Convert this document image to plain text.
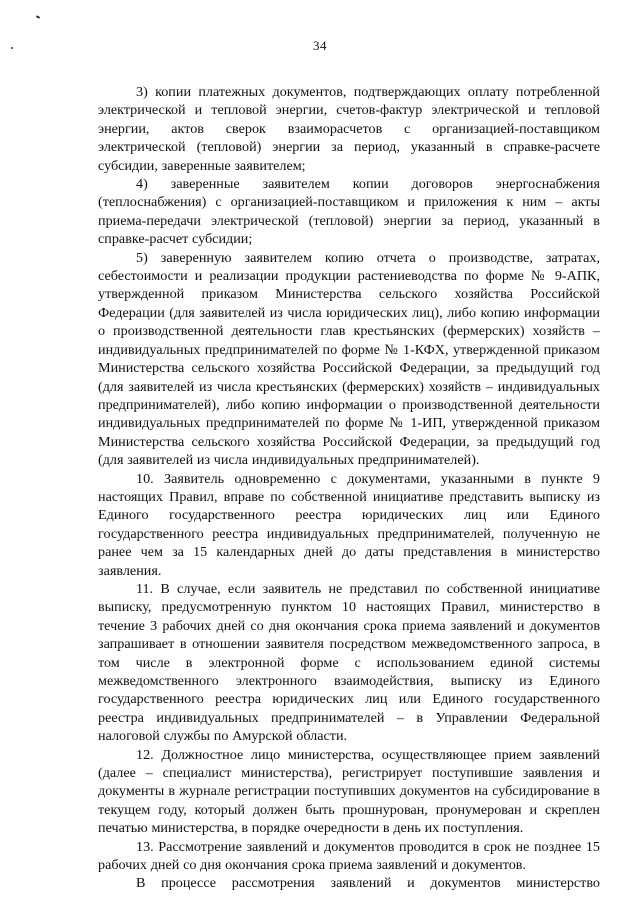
34

3) копии платежных документов, подтверждающих оплату потребленной электрической и тепловой энергии, счетов-фактур электрической и тепловой энергии, актов сверок взаиморасчетов с организацией-поставщиком электрической (тепловой) энергии за период, указанный в справке-расчете субсидии, заверенные заявителем;

4) заверенные заявителем копии договоров энергоснабжения (теплоснабжения) с организацией-поставщиком и приложения к ним – акты приема-передачи электрической (тепловой) энергии за период, указанный в справке-расчет субсидии;

5) заверенную заявителем копию отчета о производстве, затратах, себестоимости и реализации продукции растениеводства по форме № 9-АПК, утвержденной приказом Министерства сельского хозяйства Российской Федерации (для заявителей из числа юридических лиц), либо копию информации о производственной деятельности глав крестьянских (фермерских) хозяйств – индивидуальных предпринимателей по форме № 1-КФХ, утвержденной приказом Министерства сельского хозяйства Российской Федерации, за предыдущий год (для заявителей из числа крестьянских (фермерских) хозяйств – индивидуальных предпринимателей), либо копию информации о производственной деятельности индивидуальных предпринимателей по форме № 1-ИП, утвержденной приказом Министерства сельского хозяйства Российской Федерации, за предыдущий год (для заявителей из числа индивидуальных предпринимателей).

10. Заявитель одновременно с документами, указанными в пункте 9 настоящих Правил, вправе по собственной инициативе представить выписку из Единого государственного реестра юридических лиц или Единого государственного реестра индивидуальных предпринимателей, полученную не ранее чем за 15 календарных дней до даты представления в министерство заявления.

11. В случае, если заявитель не представил по собственной инициативе выписку, предусмотренную пунктом 10 настоящих Правил, министерство в течение 3 рабочих дней со дня окончания срока приема заявлений и документов запрашивает в отношении заявителя посредством межведомственного запроса, в том числе в электронной форме с использованием единой системы межведомственного электронного взаимодействия, выписку из Единого государственного реестра юридических лиц или Единого государственного реестра индивидуальных предпринимателей – в Управлении Федеральной налоговой службы по Амурской области.

12. Должностное лицо министерства, осуществляющее прием заявлений (далее – специалист министерства), регистрирует поступившие заявления и документы в журнале регистрации поступивших документов на субсидирование в текущем году, который должен быть прошнурован, пронумерован и скреплен печатью министерства, в порядке очередности в день их поступления.

13. Рассмотрение заявлений и документов проводится в срок не позднее 15 рабочих дней со дня окончания срока приема заявлений и документов.

В процессе рассмотрения заявлений и документов министерство
